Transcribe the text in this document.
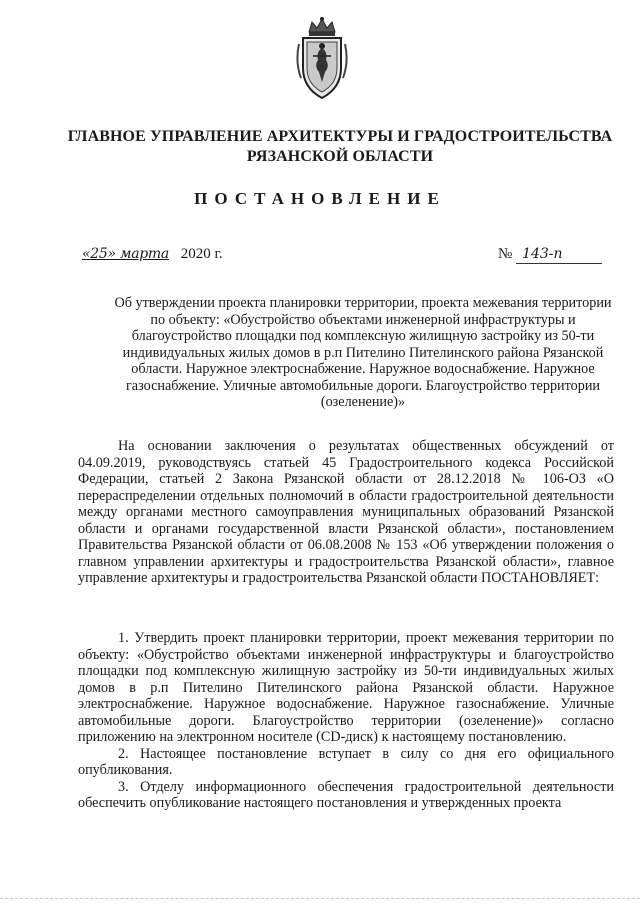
ГЛАВНОЕ УПРАВЛЕНИЕ АРХИТЕКТУРЫ И ГРАДОСТРОИТЕЛЬСТВА
РЯЗАНСКОЙ ОБЛАСТИ
ПОСТАНОВЛЕНИЕ
«25» марта 2020 г.	№ 143-п

Об утверждении проекта планировки территории, проекта межевания территории по объекту: «Обустройство объектами инженерной инфраструктуры и благоустройство площадки под комплексную жилищную застройку из 50-ти индивидуальных жилых домов в р.п Пителино Пителинского района Рязанской области. Наружное электроснабжение. Наружное водоснабжение. Наружное газоснабжение. Уличные автомобильные дороги. Благоустройство территории (озеленение)»

На основании заключения о результатах общественных обсуждений от 04.09.2019, руководствуясь статьей 45 Градостроительного кодекса Российской Федерации, статьей 2 Закона Рязанской области от 28.12.2018 № 106-ОЗ «О перераспределении отдельных полномочий в области градостроительной деятельности между органами местного самоуправления муниципальных образований Рязанской области и органами государственной власти Рязанской области», постановлением Правительства Рязанской области от 06.08.2008 № 153 «Об утверждении положения о главном управлении архитектуры и градостроительства Рязанской области», главное управление архитектуры и градостроительства Рязанской области ПОСТАНОВЛЯЕТ:

1. Утвердить проект планировки территории, проект межевания территории по объекту: «Обустройство объектами инженерной инфраструктуры и благоустройство площадки под комплексную жилищную застройку из 50-ти индивидуальных жилых домов в р.п Пителино Пителинского района Рязанской области. Наружное электроснабжение. Наружное водоснабжение. Наружное газоснабжение. Уличные автомобильные дороги. Благоустройство территории (озеленение)» согласно приложению на электронном носителе (CD-диск) к настоящему постановлению.

2. Настоящее постановление вступает в силу со дня его официального опубликования.

3. Отделу информационного обеспечения градостроительной деятельности обеспечить опубликование настоящего постановления и утвержденных проекта
